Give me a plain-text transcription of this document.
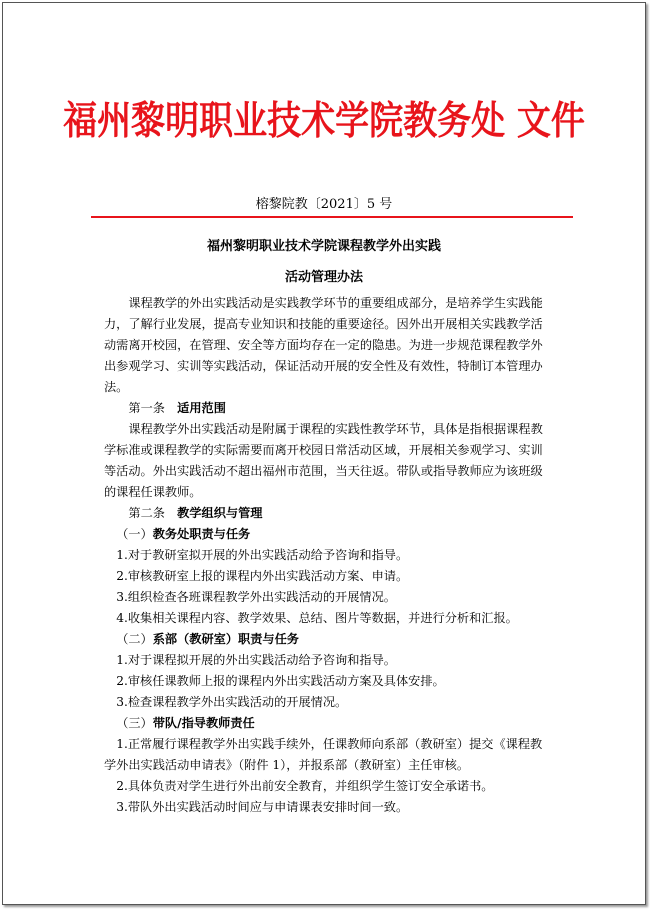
福州黎明职业技术学院教务处 文件
榕黎院教〔2021〕5 号
福州黎明职业技术学院课程教学外出实践
活动管理办法

课程教学的外出实践活动是实践教学环节的重要组成部分，是培养学生实践能力，了解行业发展，提高专业知识和技能的重要途径。因外出开展相关实践教学活动需离开校园，在管理、安全等方面均存在一定的隐患。为进一步规范课程教学外出参观学习、实训等实践活动，保证活动开展的安全性及有效性，特制订本管理办法。

第一条 适用范围

课程教学外出实践活动是附属于课程的实践性教学环节，具体是指根据课程教学标准或课程教学的实际需要而离开校园日常活动区域，开展相关参观学习、实训等活动。外出实践活动不超出福州市范围，当天往返。带队或指导教师应为该班级的课程任课教师。

第二条 教学组织与管理

（一）教务处职责与任务

1.对于教研室拟开展的外出实践活动给予咨询和指导。

2.审核教研室上报的课程内外出实践活动方案、申请。

3.组织检查各班课程教学外出实践活动的开展情况。

4.收集相关课程内容、教学效果、总结、图片等数据，并进行分析和汇报。

（二）系部（教研室）职责与任务

1.对于课程拟开展的外出实践活动给予咨询和指导。

2.审核任课教师上报的课程内外出实践活动方案及具体安排。

3.检查课程教学外出实践活动的开展情况。

（三）带队/指导教师责任

1.正常履行课程教学外出实践手续外，任课教师向系部（教研室）提交《课程教学外出实践活动申请表》（附件 1），并报系部（教研室）主任审核。

2.具体负责对学生进行外出前安全教育，并组织学生签订安全承诺书。

3.带队外出实践活动时间应与申请课表安排时间一致。
